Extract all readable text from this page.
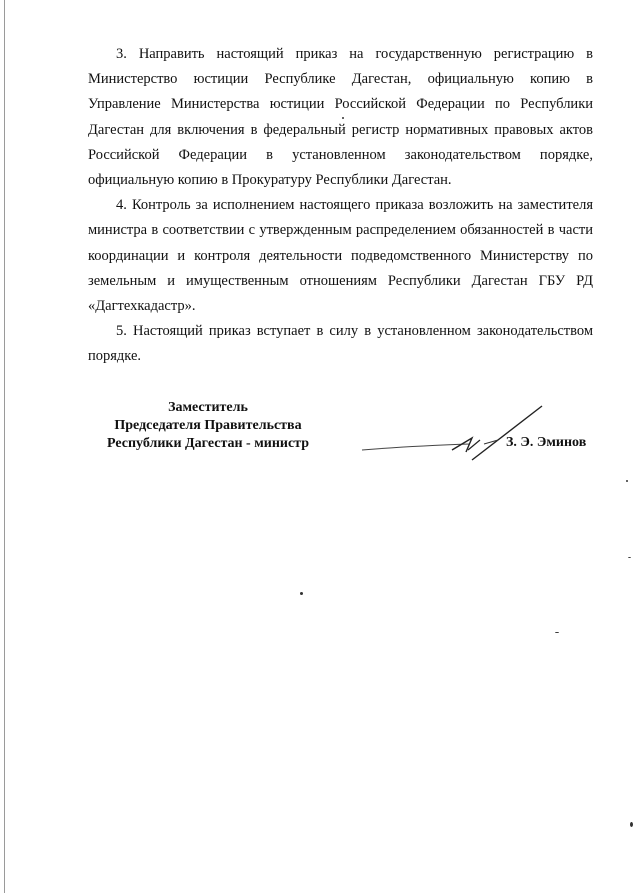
3. Направить настоящий приказ на государственную регистрацию в Министерство юстиции Республике Дагестан, официальную копию в Управление Министерства юстиции Российской Федерации по Республики Дагестан для включения в федеральный регистр нормативных правовых актов Российской Федерации в установленном законодательством порядке, официальную копию в Прокуратуру Республики Дагестан.

4. Контроль за исполнением настоящего приказа возложить на заместителя министра в соответствии с утвержденным распределением обязанностей в части координации и контроля деятельности подведомственного Министерству по земельным и имущественным отношениям Республики Дагестан ГБУ РД «Дагтехкадастр».

5. Настоящий приказ вступает в силу в установленном законодательством порядке.

Заместитель
Председателя Правительства
Республики Дагестан - министр	З. Э. Эминов
